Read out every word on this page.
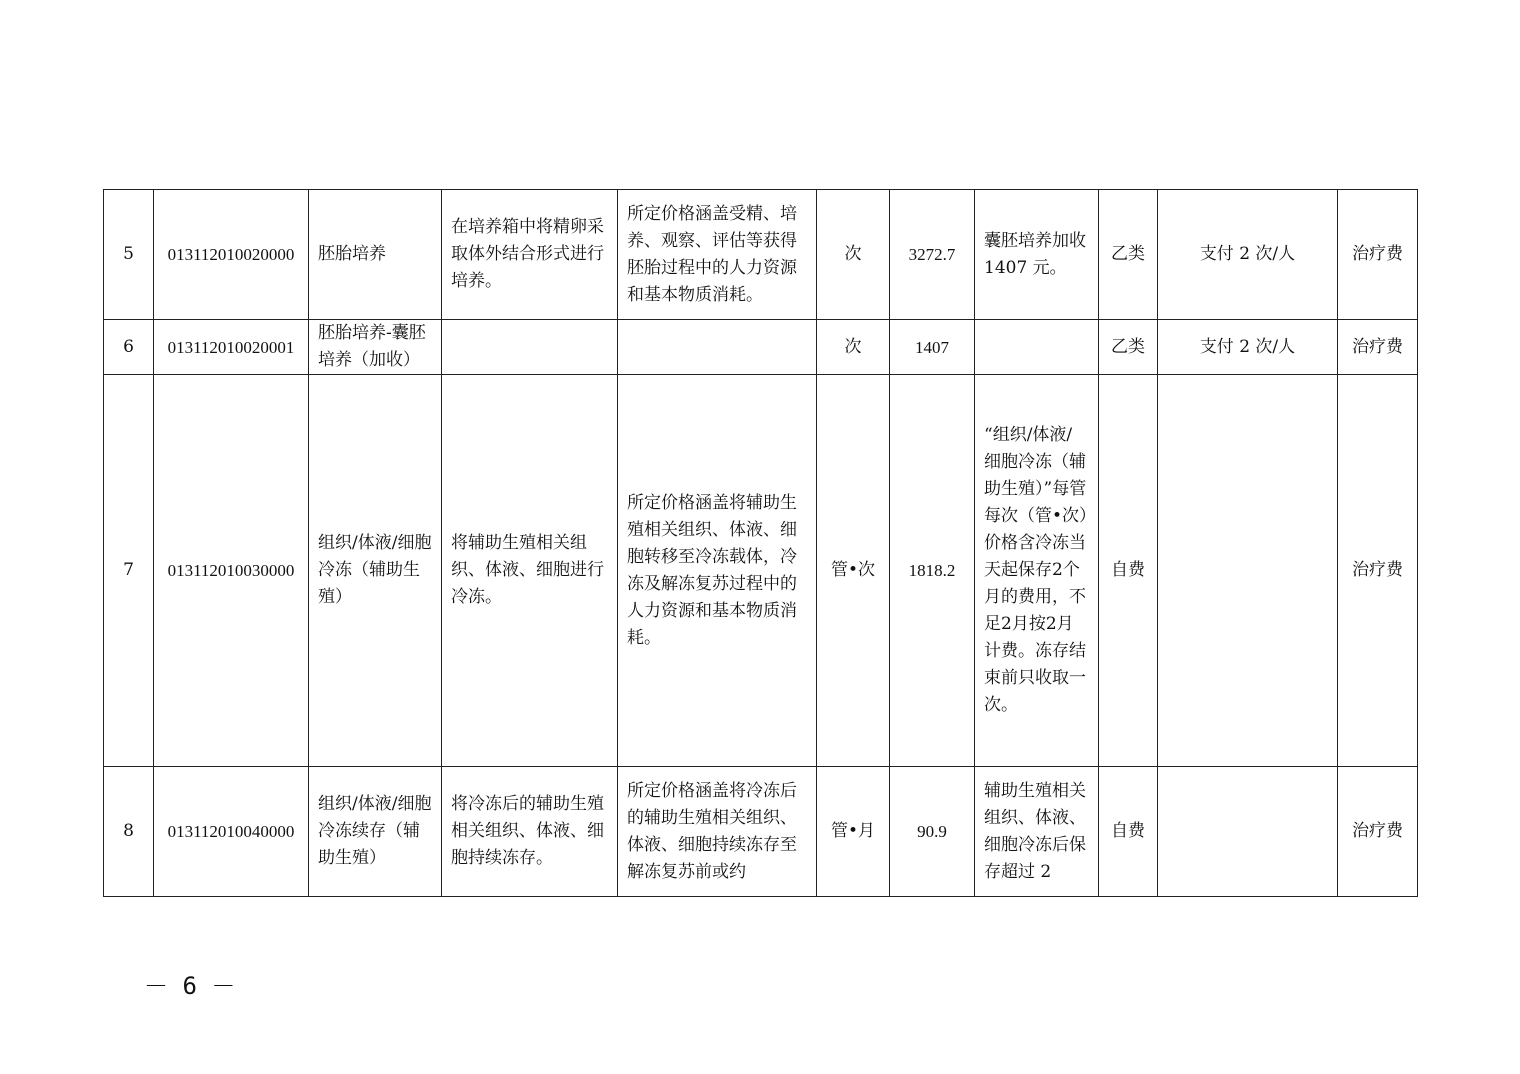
5	013112010020000	胚胎培养	在培养箱中将精卵采取体外结合形式进行培养。	所定价格涵盖受精、培养、观察、评估等获得胚胎过程中的人力资源和基本物质消耗。	次	3272.7	囊胚培养加收 1407 元。	乙类	支付 2 次/人	治疗费
6	013112010020001	胚胎培养-囊胚培养（加收）			次	1407		乙类	支付 2 次/人	治疗费
7	013112010030000	组织/体液/细胞冷冻（辅助生殖）	将辅助生殖相关组织、体液、细胞进行冷冻。	所定价格涵盖将辅助生殖相关组织、体液、细胞转移至冷冻载体，冷冻及解冻复苏过程中的人力资源和基本物质消耗。	管•次	1818.2	“组织/体液/细胞冷冻（辅助生殖）”每管每次（管•次）价格含冷冻当天起保存2个月的费用，不足2月按2月计费。冻存结束前只收取一次。	自费		治疗费
8	013112010040000	组织/体液/细胞冷冻续存（辅助生殖）	将冷冻后的辅助生殖相关组织、体液、细胞持续冻存。	所定价格涵盖将冷冻后的辅助生殖相关组织、体液、细胞持续冻存至解冻复苏前或约	管•月	90.9	辅助生殖相关组织、体液、细胞冷冻后保存超过 2	自费		治疗费
－ 6 －
